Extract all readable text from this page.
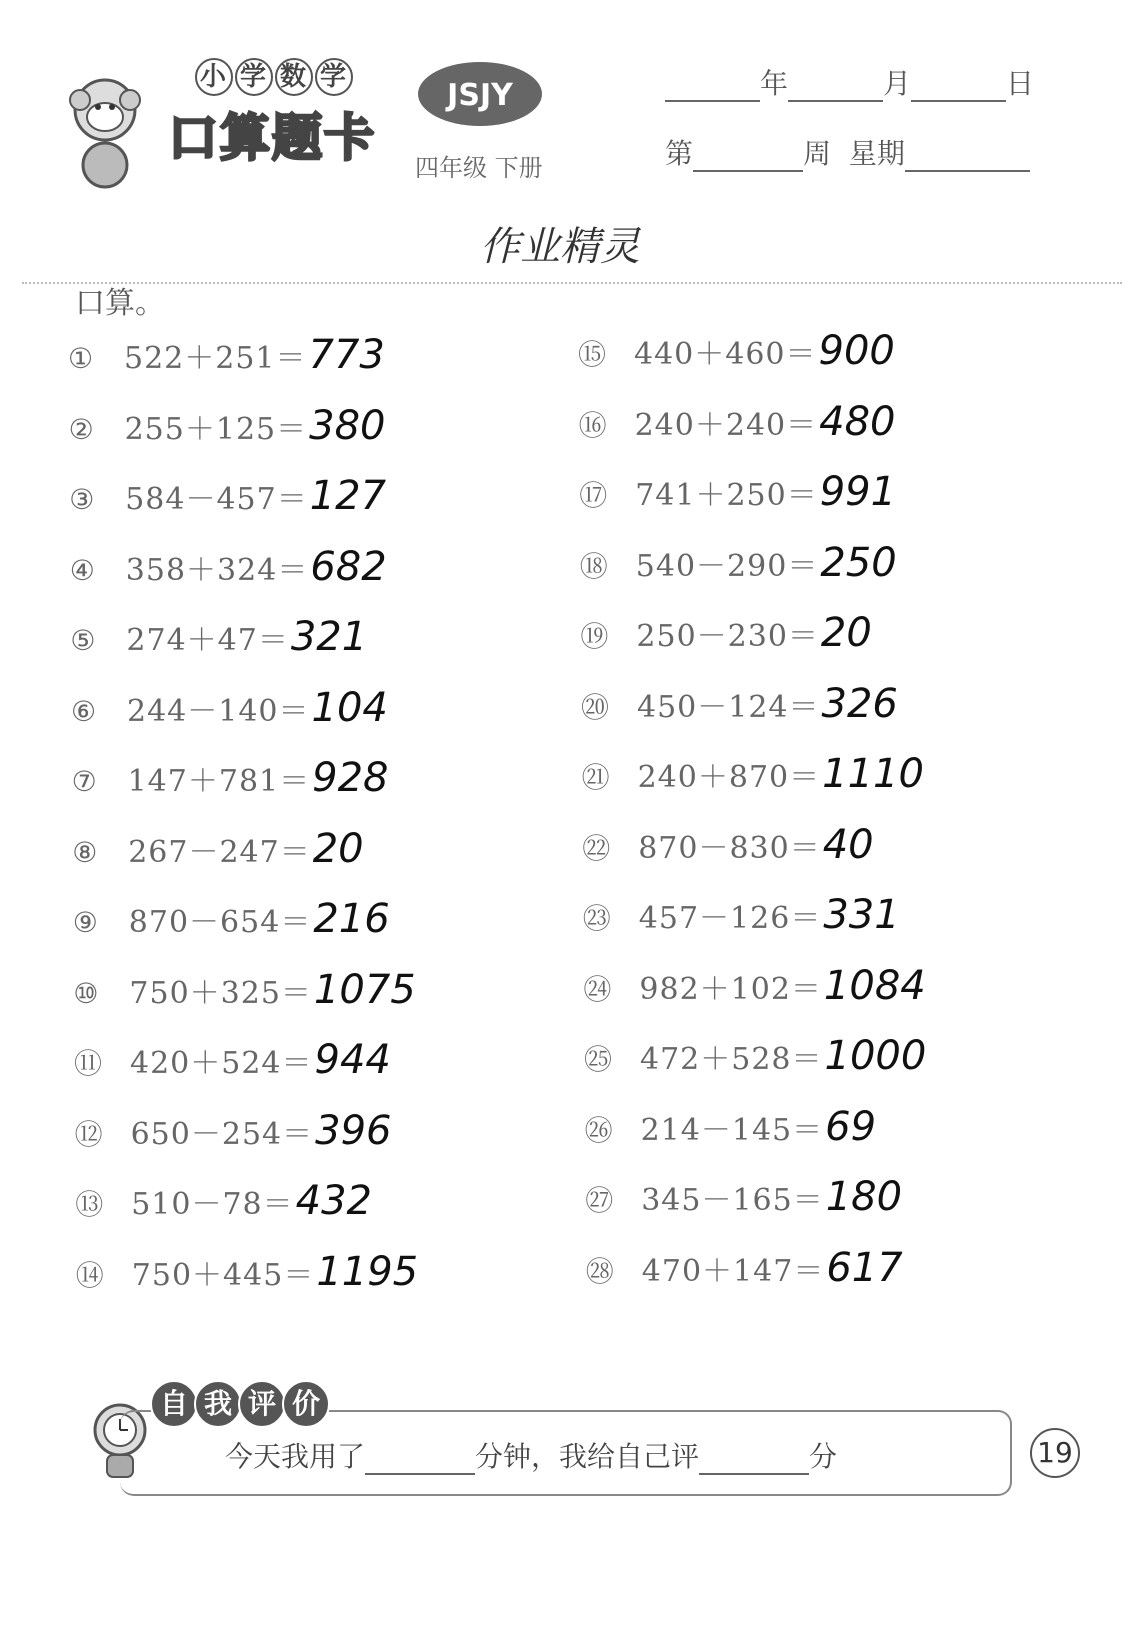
小 学 数 学
口算题卡
JSJY
四年级 下册
年	月	日
第	周 星期
作业精灵
口算。
① 522＋251＝773
② 255＋125＝380
③ 584－457＝127
④ 358＋324＝682
⑤ 274＋47＝321
⑥ 244－140＝104
⑦ 147＋781＝928
⑧ 267－247＝20
⑨ 870－654＝216
⑩ 750＋325＝1075
⑪ 420＋524＝944
⑫ 650－254＝396
⑬ 510－78＝432
⑭ 750＋445＝1195
⑮ 440＋460＝900
⑯ 240＋240＝480
⑰ 741＋250＝991
⑱ 540－290＝250
⑲ 250－230＝20
⑳ 450－124＝326
㉑ 240＋870＝1110
㉒ 870－830＝40
㉓ 457－126＝331
㉔ 982＋102＝1084
㉕ 472＋528＝1000
㉖ 214－145＝69
㉗ 345－165＝180
㉘ 470＋147＝617
自 我 评 价
今天我用了	分钟，我给自己评	分	19
